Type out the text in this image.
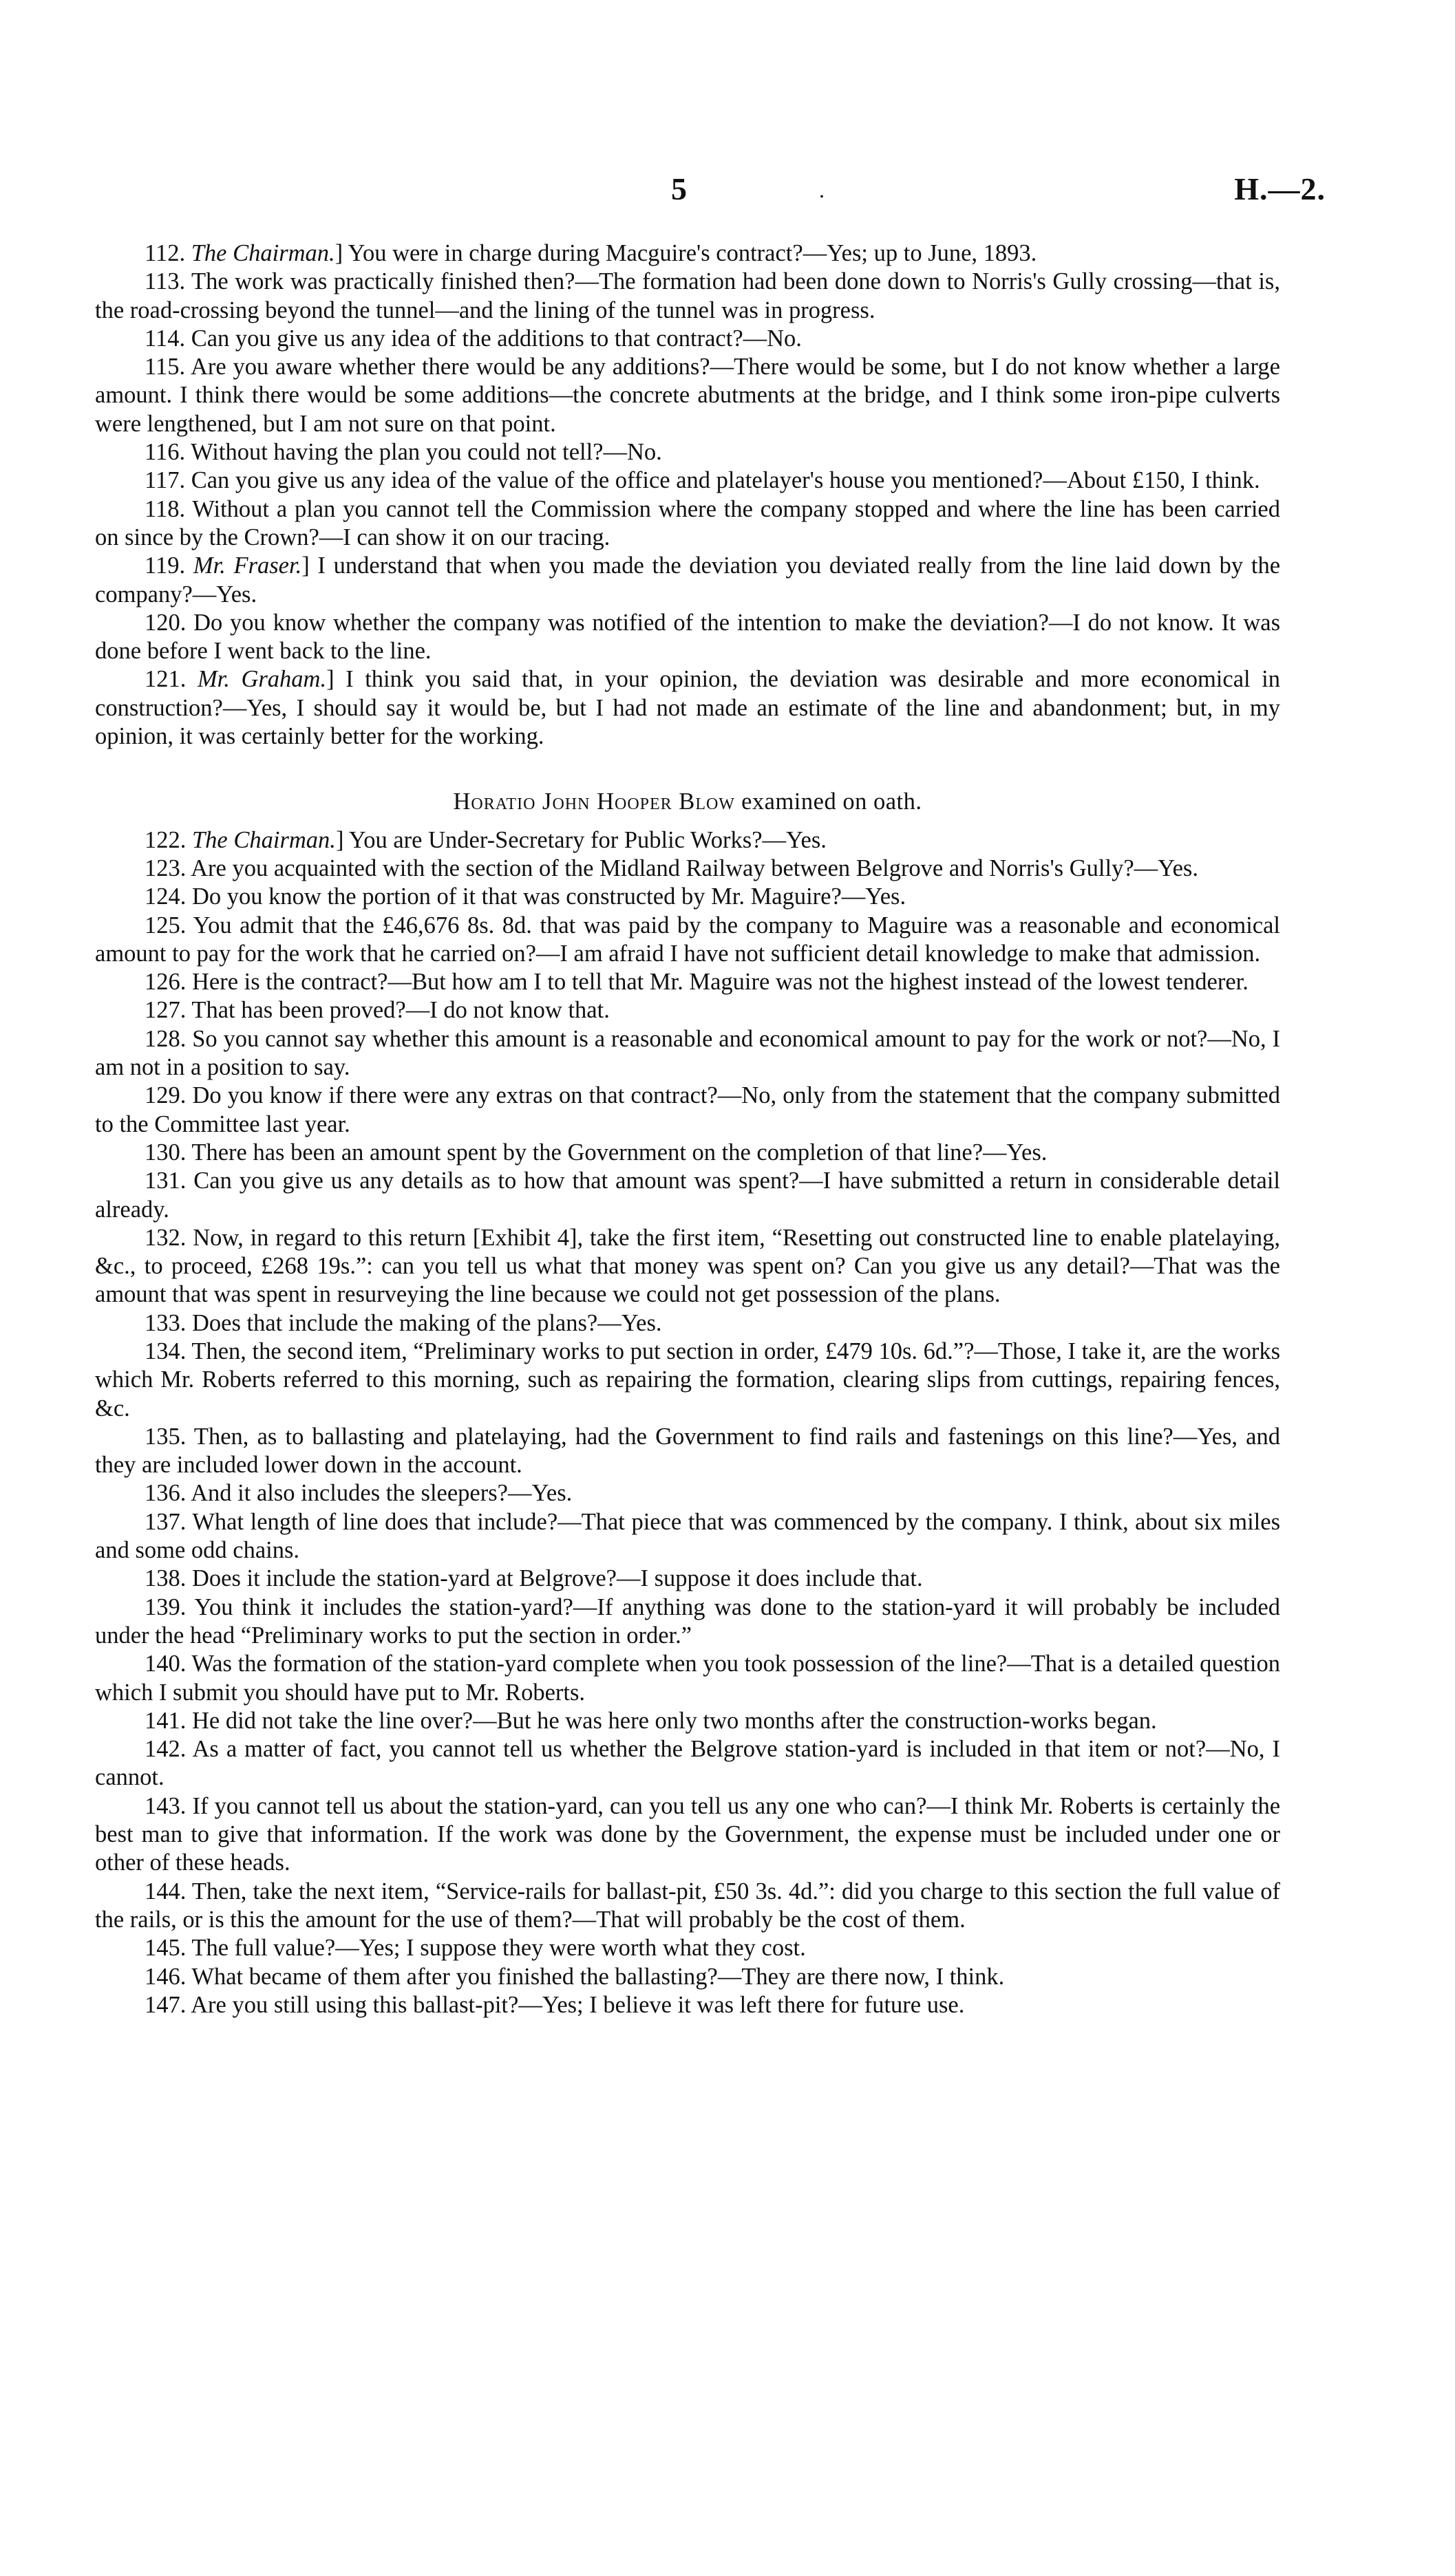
5	.	H.—2.

112. The Chairman.] You were in charge during Macguire's contract?—Yes; up to June, 1893.

113. The work was practically finished then?—The formation had been done down to Norris's Gully crossing—that is, the road-crossing beyond the tunnel—and the lining of the tunnel was in progress.

114. Can you give us any idea of the additions to that contract?—No.

115. Are you aware whether there would be any additions?—There would be some, but I do not know whether a large amount. I think there would be some additions—the concrete abutments at the bridge, and I think some iron-pipe culverts were lengthened, but I am not sure on that point.

116. Without having the plan you could not tell?—No.

117. Can you give us any idea of the value of the office and platelayer's house you mentioned?—About £150, I think.

118. Without a plan you cannot tell the Commission where the company stopped and where the line has been carried on since by the Crown?—I can show it on our tracing.

119. Mr. Fraser.] I understand that when you made the deviation you deviated really from the line laid down by the company?—Yes.

120. Do you know whether the company was notified of the intention to make the deviation?—I do not know. It was done before I went back to the line.

121. Mr. Graham.] I think you said that, in your opinion, the deviation was desirable and more economical in construction?—Yes, I should say it would be, but I had not made an estimate of the line and abandonment; but, in my opinion, it was certainly better for the working.

Horatio John Hooper Blow examined on oath.

122. The Chairman.] You are Under-Secretary for Public Works?—Yes.

123. Are you acquainted with the section of the Midland Railway between Belgrove and Norris's Gully?—Yes.

124. Do you know the portion of it that was constructed by Mr. Maguire?—Yes.

125. You admit that the £46,676 8s. 8d. that was paid by the company to Maguire was a reasonable and economical amount to pay for the work that he carried on?—I am afraid I have not sufficient detail knowledge to make that admission.

126. Here is the contract?—But how am I to tell that Mr. Maguire was not the highest instead of the lowest tenderer.

127. That has been proved?—I do not know that.

128. So you cannot say whether this amount is a reasonable and economical amount to pay for the work or not?—No, I am not in a position to say.

129. Do you know if there were any extras on that contract?—No, only from the statement that the company submitted to the Committee last year.

130. There has been an amount spent by the Government on the completion of that line?—Yes.

131. Can you give us any details as to how that amount was spent?—I have submitted a return in considerable detail already.

132. Now, in regard to this return [Exhibit 4], take the first item, “Resetting out constructed line to enable platelaying, &c., to proceed, £268 19s.”: can you tell us what that money was spent on? Can you give us any detail?—That was the amount that was spent in resurveying the line because we could not get possession of the plans.

133. Does that include the making of the plans?—Yes.

134. Then, the second item, “Preliminary works to put section in order, £479 10s. 6d.”?—Those, I take it, are the works which Mr. Roberts referred to this morning, such as repairing the formation, clearing slips from cuttings, repairing fences, &c.

135. Then, as to ballasting and platelaying, had the Government to find rails and fastenings on this line?—Yes, and they are included lower down in the account.

136. And it also includes the sleepers?—Yes.

137. What length of line does that include?—That piece that was commenced by the company. I think, about six miles and some odd chains.

138. Does it include the station-yard at Belgrove?—I suppose it does include that.

139. You think it includes the station-yard?—If anything was done to the station-yard it will probably be included under the head “Preliminary works to put the section in order.”

140. Was the formation of the station-yard complete when you took possession of the line?—That is a detailed question which I submit you should have put to Mr. Roberts.

141. He did not take the line over?—But he was here only two months after the construction-works began.

142. As a matter of fact, you cannot tell us whether the Belgrove station-yard is included in that item or not?—No, I cannot.

143. If you cannot tell us about the station-yard, can you tell us any one who can?—I think Mr. Roberts is certainly the best man to give that information. If the work was done by the Government, the expense must be included under one or other of these heads.

144. Then, take the next item, “Service-rails for ballast-pit, £50 3s. 4d.”: did you charge to this section the full value of the rails, or is this the amount for the use of them?—That will probably be the cost of them.

145. The full value?—Yes; I suppose they were worth what they cost.

146. What became of them after you finished the ballasting?—They are there now, I think.

147. Are you still using this ballast-pit?—Yes; I believe it was left there for future use.
